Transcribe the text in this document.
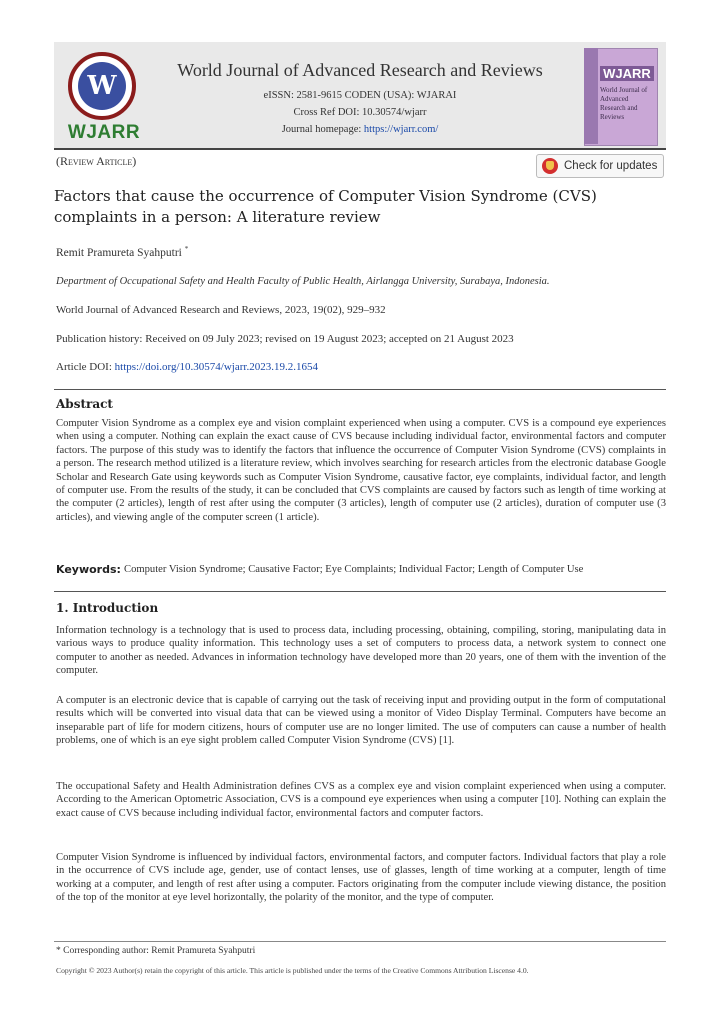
W
WJARR
World Journal of Advanced Research and Reviews
eISSN: 2581-9615 CODEN (USA): WJARAI
Cross Ref DOI: 10.30574/wjarr
Journal homepage: https://wjarr.com/
WJARR
World Journal of Advanced Research and Reviews
(Review Article)	Check for updates
Factors that cause the occurrence of Computer Vision Syndrome (CVS) complaints in a person: A literature review
Remit Pramureta Syahputri *
Department of Occupational Safety and Health Faculty of Public Health, Airlangga University, Surabaya, Indonesia.
World Journal of Advanced Research and Reviews, 2023, 19(02), 929–932
Publication history: Received on 09 July 2023; revised on 19 August 2023; accepted on 21 August 2023
Article DOI: https://doi.org/10.30574/wjarr.2023.19.2.1654
Abstract
Computer Vision Syndrome as a complex eye and vision complaint experienced when using a computer. CVS is a compound eye experiences when using a computer. Nothing can explain the exact cause of CVS because including individual factor, environmental factors and computer factors. The purpose of this study was to identify the factors that influence the occurrence of Computer Vision Syndrome (CVS) complaints in a person. The research method utilized is a literature review, which involves searching for research articles from the electronic database Google Scholar and Research Gate using keywords such as Computer Vision Syndrome, causative factor, eye complaints, individual factor, and length of computer use. From the results of the study, it can be concluded that CVS complaints are caused by factors such as length of time working at the computer (2 articles), length of rest after using the computer (3 articles), length of computer use (2 articles), duration of computer use (3 articles), and viewing angle of the computer screen (1 article).
Keywords: Computer Vision Syndrome; Causative Factor; Eye Complaints; Individual Factor; Length of Computer Use
1. Introduction
Information technology is a technology that is used to process data, including processing, obtaining, compiling, storing, manipulating data in various ways to produce quality information. This technology uses a set of computers to process data, a network system to connect one computer to another as needed. Advances in information technology have developed more than 20 years, one of them with the invention of the computer.
A computer is an electronic device that is capable of carrying out the task of receiving input and providing output in the form of computational results which will be converted into visual data that can be viewed using a monitor of Video Display Terminal. Computers have become an inseparable part of life for modern citizens, hours of computer use are no longer limited. The use of computers can cause a number of health problems, one of which is an eye sight problem called Computer Vision Syndrome (CVS) [1].
The occupational Safety and Health Administration defines CVS as a complex eye and vision complaint experienced when using a computer. According to the American Optometric Association, CVS is a compound eye experiences when using a computer [10]. Nothing can explain the exact cause of CVS because including individual factor, environmental factors and computer factors.
Computer Vision Syndrome is influenced by individual factors, environmental factors, and computer factors. Individual factors that play a role in the occurrence of CVS include age, gender, use of contact lenses, use of glasses, length of time working at a computer, length of time working at a computer, and length of rest after using a computer. Factors originating from the computer include viewing distance, the position of the top of the monitor at eye level horizontally, the polarity of the monitor, and the type of computer.
* Corresponding author: Remit Pramureta Syahputri
Copyright © 2023 Author(s) retain the copyright of this article. This article is published under the terms of the Creative Commons Attribution Liscense 4.0.
